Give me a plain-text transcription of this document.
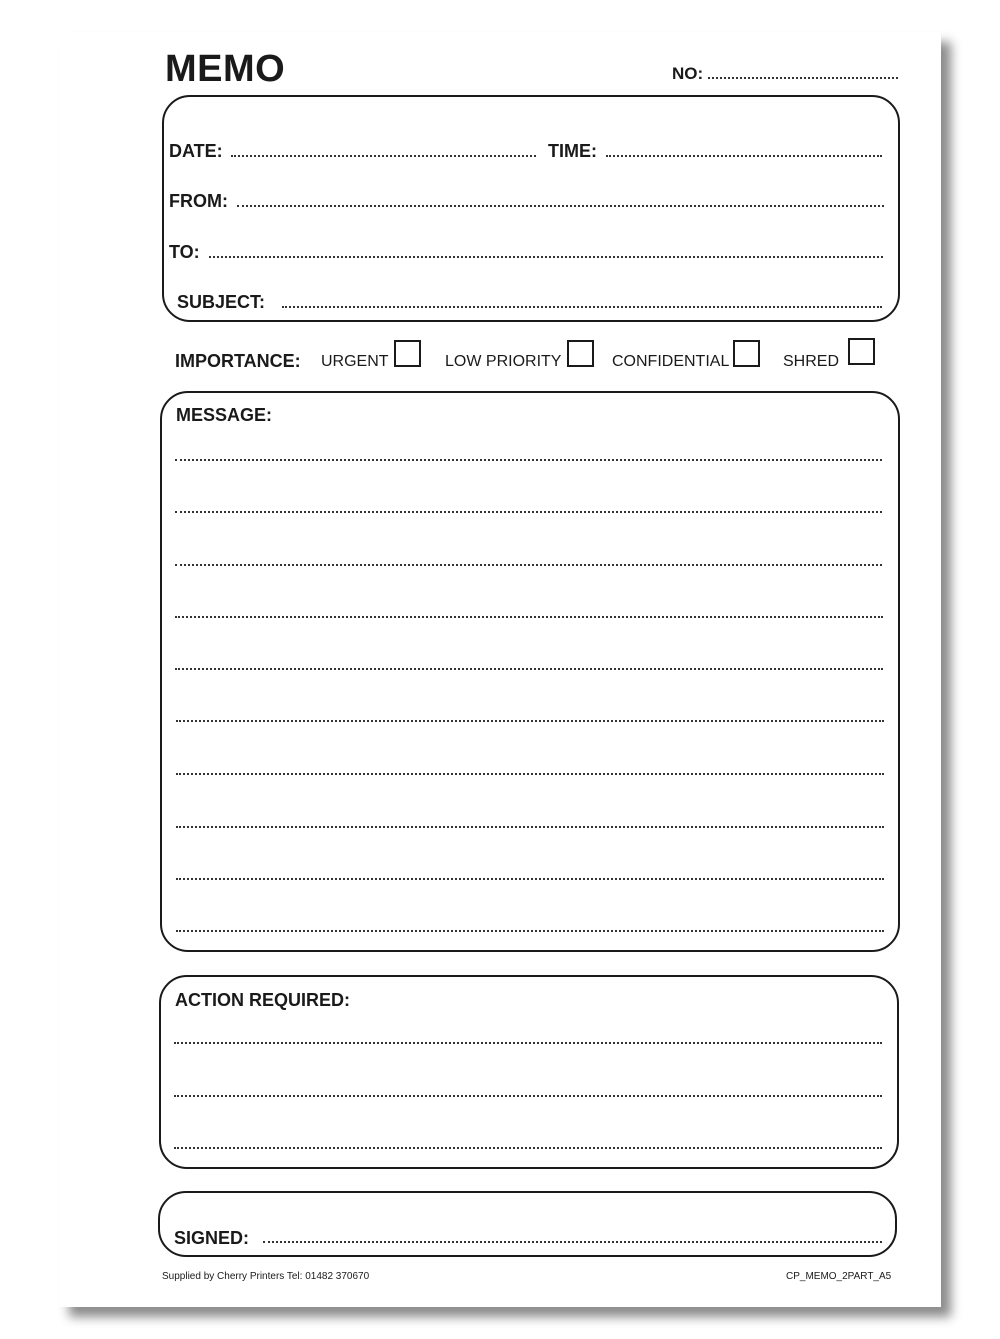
MEMO	NO:
DATE:	TIME:
FROM:
TO:
SUBJECT:
IMPORTANCE: URGENT	LOW PRIORITY	CONFIDENTIAL	SHRED
MESSAGE:
ACTION REQUIRED:
SIGNED:
Supplied by Cherry Printers Tel: 01482 370670	CP_MEMO_2PART_A5
